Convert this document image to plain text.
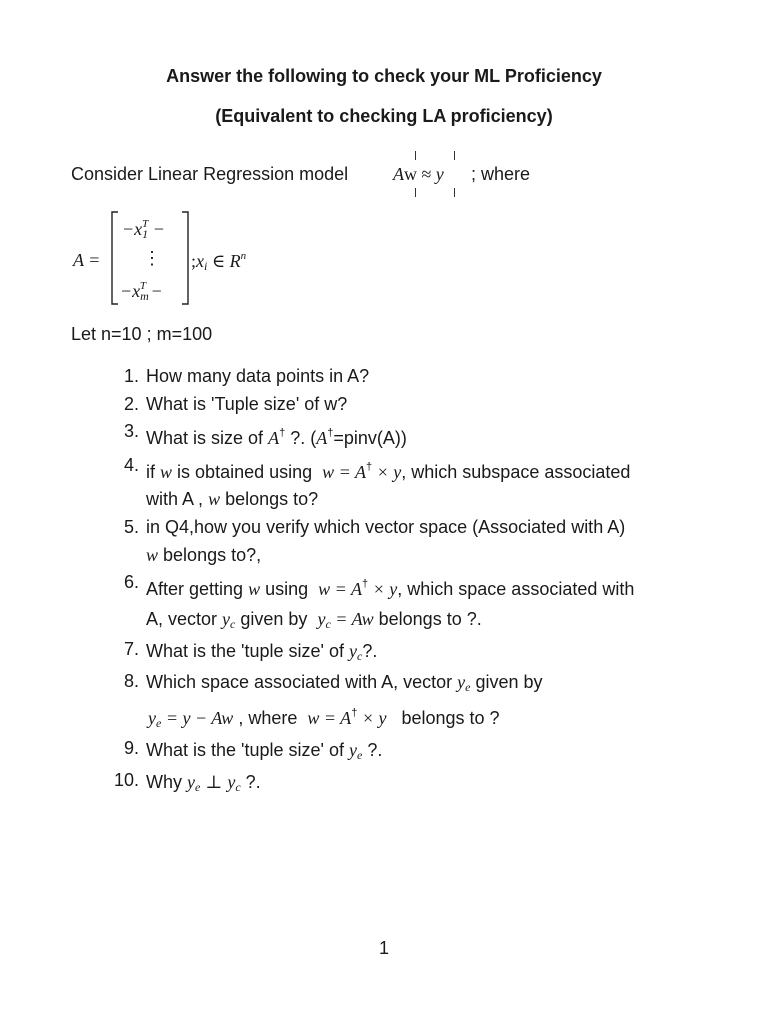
Answer the following to check your ML Proficiency
(Equivalent to checking LA proficiency)
Consider Linear Regression model Aw ≈ y ; where
A =
$-x_1^T$ −
⋮
$-x_m^T$ −
$;x_i$ ∈ $R^n$
Let n=10 ; m=100
1. How many data points in A?
2. What is 'Tuple size' of w?
3. What is size of A† ?. (A†=pinv(A))
4. if w is obtained using w = A† × y, which subspace associated
with A , w belongs to?
5. in Q4,how you verify which vector space (Associated with A)
w belongs to?,
6. After getting w using w = A† × y, which space associated with
A, vector $y_c$ given by $y_c = Aw$ belongs to ?.
7. What is the 'tuple size' of $y_c$?.
8. Which space associated with A, vector $y_e$ given by
$y_e = y - Aw$ , where w = A† × y belongs to ?
9. What is the 'tuple size' of $y_e$ ?.
10. Why $y_e$ ⊥ $y_c$ ?.
1
